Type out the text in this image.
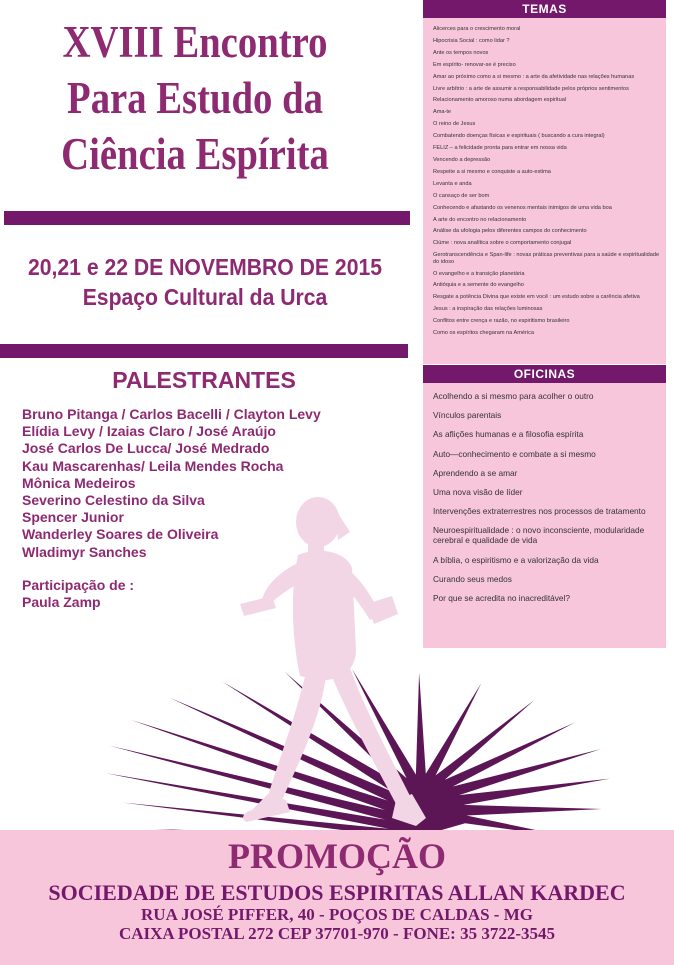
XVIII Encontro
Para Estudo da
Ciência Espírita
20,21 e 22 DE NOVEMBRO DE 2015
Espaço Cultural da Urca
PALESTRANTES
Bruno Pitanga / Carlos Bacelli / Clayton Levy
Elídia Levy / Izaias Claro / José Araújo
José Carlos De Lucca/ José Medrado
Kau Mascarenhas/ Leila Mendes Rocha
Mônica Medeiros
Severino Celestino da Silva
Spencer Junior
Wanderley Soares de Oliveira
Wladimyr Sanches
Participação de :
Paula Zamp
TEMAS
Alicerces para o crescimento moral
Hipocrisia Social : como lidar ?
Ante os tempos novos
Em espírito- renovar-se é preciso
Amar ao próximo como a si mesmo : a arte da afetividade nas relações humanas
Livre arbítrio : a arte de assumir a responsabilidade pelos próprios sentimentos
Relacionamento amoroso numa abordagem espiritual
Ama-te
O reino de Jesus
Combatendo doenças físicas e espirituais ( buscando a cura integral)
FELIZ – a felicidade pronta para entrar em nossa vida
Vencendo a depressão
Respeite a si mesmo e conquiste a auto-estima
Levanta e anda
O cansaço de ser bom
Conhecendo e afastando os venenos mentais inimigos de uma vida boa
A arte do encontro no relacionamento
Análise da ufologia pelos diferentes campos do conhecimento
Ciúme : nova analítica sobre o comportamento conjugal
Gerotranscendência e Span-life : novas práticas preventivas para a saúde e espiritualidade do idoso
O evangelho e a transição planetária
Antióquia e a semente do evangelho
Resgate a potência Divina que existe em você : um estudo sobre a carência afetiva
Jesus : a inspiração das relações luminosas
Conflitos entre crença e razão, no espiritismo brasileiro
Como os espíritos chegaram na América
OFICINAS
Acolhendo a si mesmo para acolher o outro
Vínculos parentais
As aflições humanas e a filosofia espírita
Auto—conhecimento e combate a si mesmo
Aprendendo a se amar
Uma nova visão de líder
Intervenções extraterrestres nos processos de tratamento
Neuroespiritualidade : o novo inconsciente, modularidade cerebral e qualidade de vida
A bíblia, o espiritismo e a valorização da vida
Curando seus medos
Por que se acredita no inacreditável?
PROMOÇÃO
SOCIEDADE DE ESTUDOS ESPIRITAS ALLAN KARDEC
RUA JOSÉ PIFFER, 40 - POÇOS DE CALDAS - MG
CAIXA POSTAL 272 CEP 37701-970 - FONE: 35 3722-3545
